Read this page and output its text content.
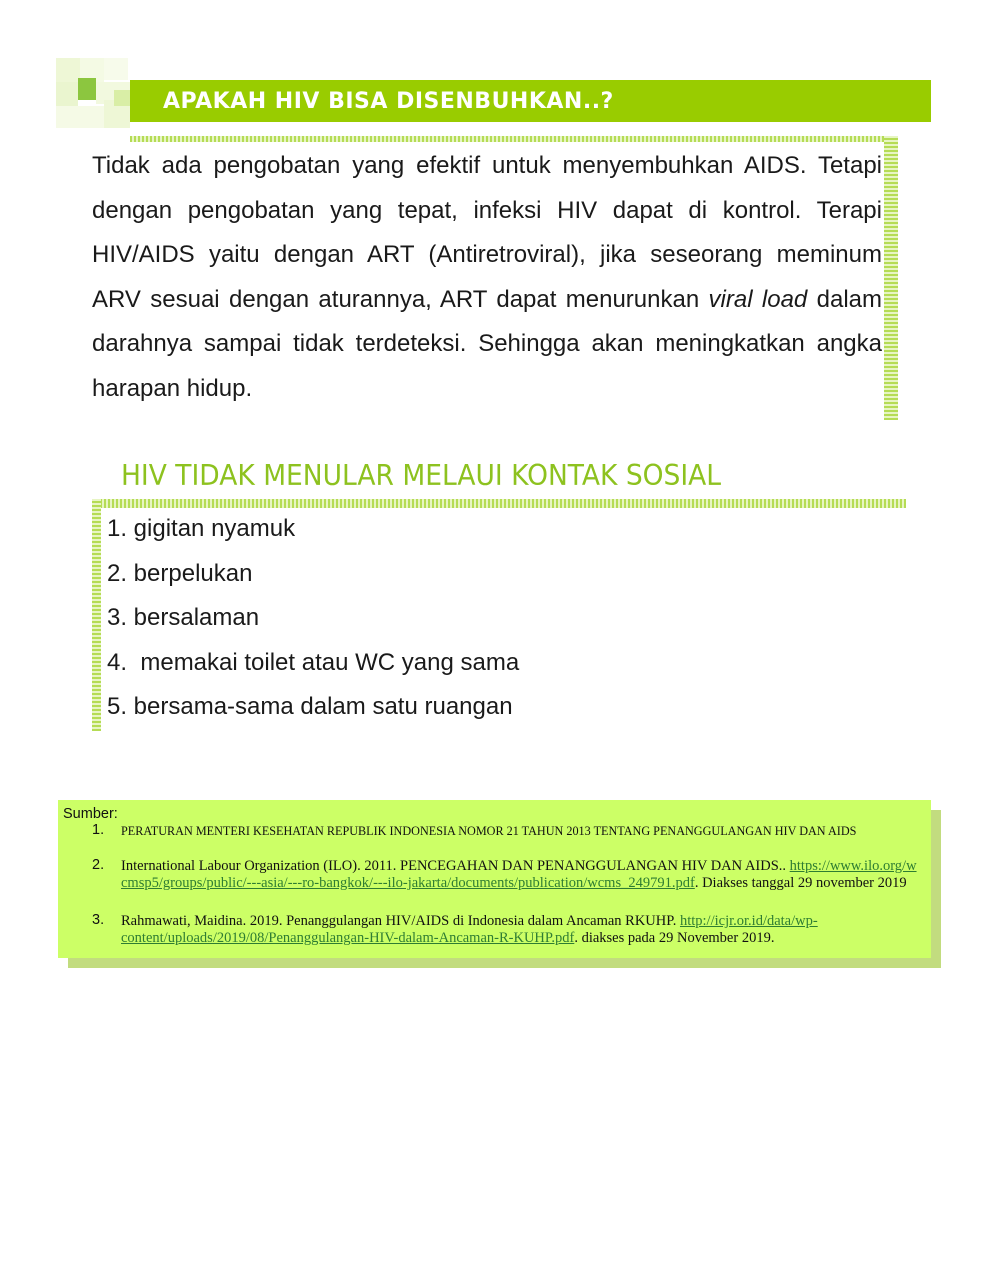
APAKAH HIV BISA DISENBUHKAN..?

Tidak ada pengobatan yang efektif untuk menyembuhkan AIDS. Tetapi dengan pengobatan yang tepat, infeksi HIV dapat di kontrol. Terapi HIV/AIDS yaitu dengan ART (Antiretroviral), jika seseorang meminum ARV sesuai dengan aturannya, ART dapat menurunkan viral load dalam darahnya sampai tidak terdeteksi. Sehingga akan meningkatkan angka harapan hidup.

HIV TIDAK MENULAR MELAUI KONTAK SOSIAL
1. gigitan nyamuk
2. berpelukan
3. bersalaman
4.  memakai toilet atau WC yang sama
5. bersama-sama dalam satu ruangan
Sumber:
1. PERATURAN MENTERI KESEHATAN REPUBLIK INDONESIA NOMOR 21 TAHUN 2013 TENTANG PENANGGULANGAN HIV DAN AIDS
2. International Labour Organization (ILO). 2011. PENCEGAHAN DAN PENANGGULANGAN HIV DAN AIDS.. https://www.ilo.org/wcmsp5/groups/public/---asia/---ro-bangkok/---ilo-jakarta/documents/publication/wcms_249791.pdf. Diakses tanggal 29 november 2019
3. Rahmawati, Maidina. 2019. Penanggulangan HIV/AIDS di Indonesia dalam Ancaman RKUHP. http://icjr.or.id/data/wp-content/uploads/2019/08/Penanggulangan-HIV-dalam-Ancaman-R-KUHP.pdf. diakses pada 29 November 2019.
